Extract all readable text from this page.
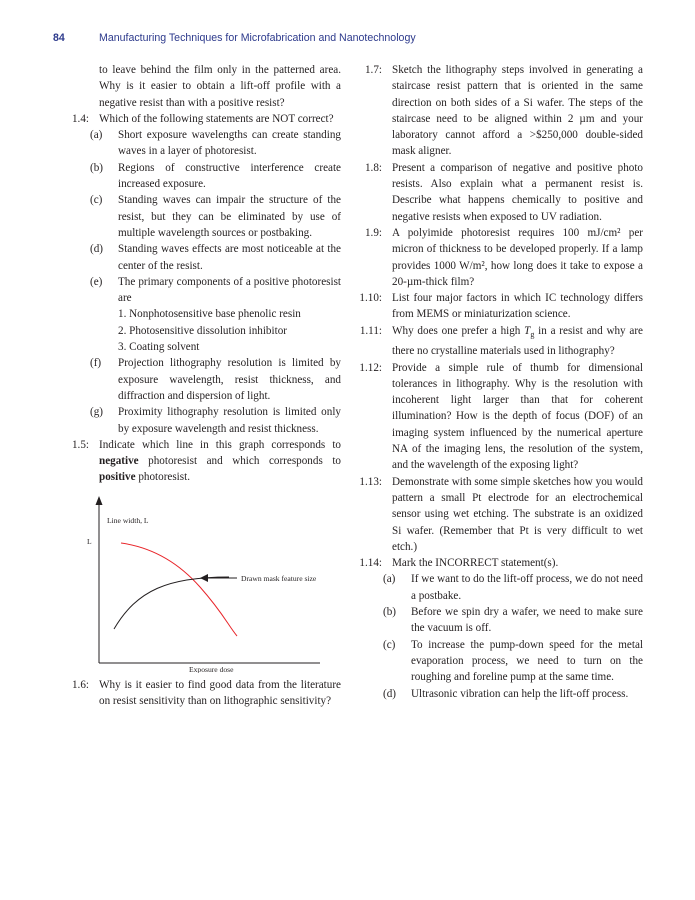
84	Manufacturing Techniques for Microfabrication and Nanotechnology
to leave behind the film only in the patterned area. Why is it easier to obtain a lift-off profile with a negative resist than with a positive resist?
1.4: Which of the following statements are NOT correct?
(a) Short exposure wavelengths can create standing waves in a layer of photoresist.
(b) Regions of constructive interference create increased exposure.
(c) Standing waves can impair the structure of the resist, but they can be eliminated by use of multiple wavelength sources or postbaking.
(d) Standing waves effects are most noticeable at the center of the resist.
(e) The primary components of a positive photoresist are
1. Nonphotosensitive base phenolic resin
2. Photosensitive dissolution inhibitor
3. Coating solvent
(f) Projection lithography resolution is limited by exposure wavelength, resist thickness, and diffraction and dispersion of light.
(g) Proximity lithography resolution is limited only by exposure wavelength and resist thickness.
1.5: Indicate which line in this graph corresponds to negative photoresist and which corresponds to positive photoresist.
Line width, L
L
Drawn mask feature size
Exposure dose
1.6: Why is it easier to find good data from the literature on resist sensitivity than on lithographic sensitivity?
1.7: Sketch the lithography steps involved in generating a staircase resist pattern that is oriented in the same direction on both sides of a Si wafer. The steps of the staircase need to be aligned within 2 µm and your laboratory cannot afford a >$250,000 double-sided mask aligner.
1.8: Present a comparison of negative and positive photo resists. Also explain what a permanent resist is. Describe what happens chemically to positive and negative resists when exposed to UV radiation.
1.9: A polyimide photoresist requires 100 mJ/cm² per micron of thickness to be developed properly. If a lamp provides 1000 W/m², how long does it take to expose a 20-µm-thick film?
1.10: List four major factors in which IC technology differs from MEMS or miniaturization science.
1.11: Why does one prefer a high $T_g$ in a resist and why are there no crystalline materials used in lithography?
1.12: Provide a simple rule of thumb for dimensional tolerances in lithography. Why is the resolution with incoherent light larger than that for coherent illumination? How is the depth of focus (DOF) of an imaging system influenced by the numerical aperture NA of the imaging lens, the resolution of the system, and the wavelength of the exposing light?
1.13: Demonstrate with some simple sketches how you would pattern a small Pt electrode for an electrochemical sensor using wet etching. The substrate is an oxidized Si wafer. (Remember that Pt is very difficult to wet etch.)
1.14: Mark the INCORRECT statement(s).
(a) If we want to do the lift-off process, we do not need a postbake.
(b) Before we spin dry a wafer, we need to make sure the vacuum is off.
(c) To increase the pump-down speed for the metal evaporation process, we need to turn on the roughing and foreline pump at the same time.
(d) Ultrasonic vibration can help the lift-off process.
